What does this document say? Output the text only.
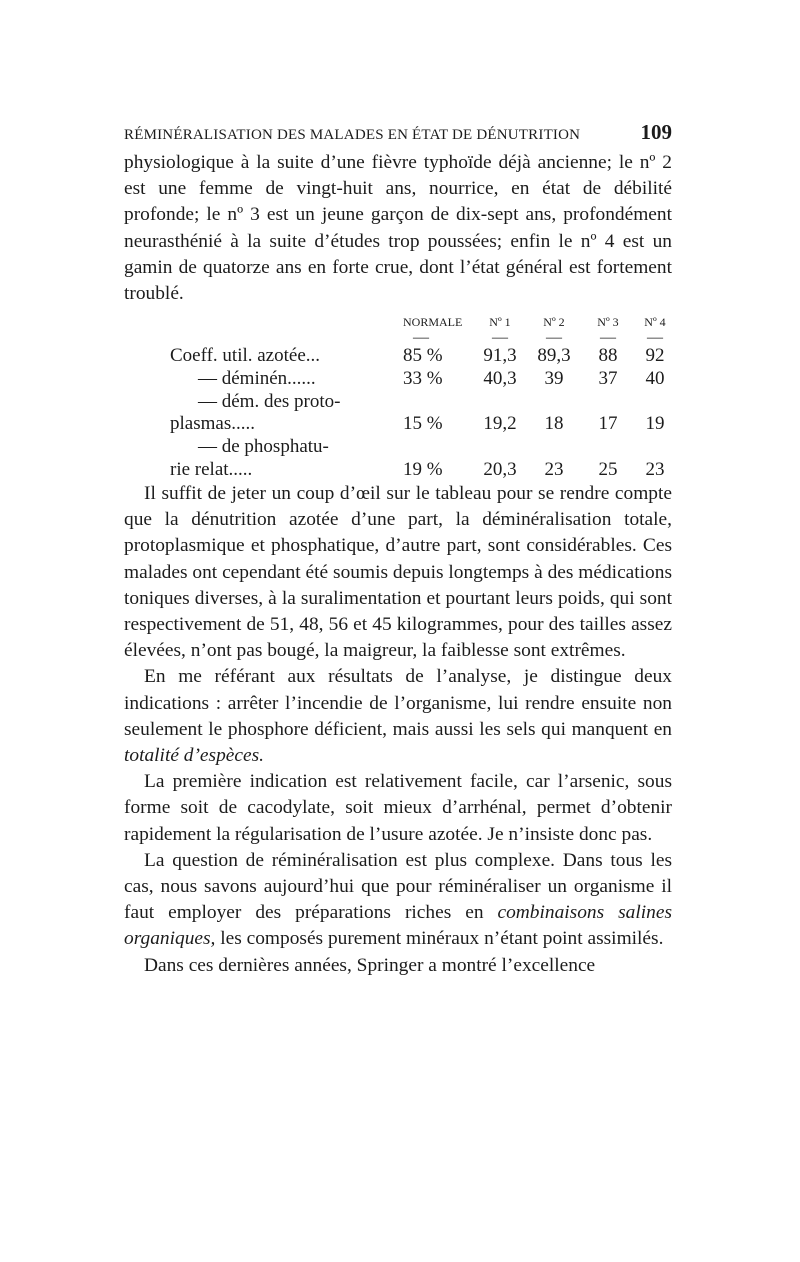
RÉMINÉRALISATION DES MALADES EN ÉTAT DE DÉNUTRITION	109

physiologique à la suite d’une fièvre typhoïde déjà ancienne; le nº 2 est une femme de vingt-huit ans, nourrice, en état de débilité profonde; le nº 3 est un jeune garçon de dix-sept ans, profondément neurasthénié à la suite d’études trop poussées; enfin le nº 4 est un gamin de quatorze ans en forte crue, dont l’état général est fortement troublé.

	NORMALE	Nº 1	Nº 2	Nº 3	Nº 4
	—	—	—	—	—
Coeff. util. azotée...	85 %	91,3	89,3	88	92
— déminén......	33 %	40,3	39	37	40
— dém. des proto-					
plasmas.....	15 %	19,2	18	17	19
— de phosphatu-					
rie relat.....	19 %	20,3	23	25	23

Il suffit de jeter un coup d’œil sur le tableau pour se rendre compte que la dénutrition azotée d’une part, la déminéralisation totale, protoplasmique et phosphatique, d’autre part, sont considérables. Ces malades ont cependant été soumis depuis longtemps à des médications toniques diverses, à la suralimentation et pourtant leurs poids, qui sont respectivement de 51, 48, 56 et 45 kilogrammes, pour des tailles assez élevées, n’ont pas bougé, la maigreur, la faiblesse sont extrêmes.

En me référant aux résultats de l’analyse, je distingue deux indications : arrêter l’incendie de l’organisme, lui rendre ensuite non seulement le phosphore déficient, mais aussi les sels qui manquent en totalité d’espèces.

La première indication est relativement facile, car l’arsenic, sous forme soit de cacodylate, soit mieux d’arrhénal, permet d’obtenir rapidement la régularisation de l’usure azotée. Je n’insiste donc pas.

La question de réminéralisation est plus complexe. Dans tous les cas, nous savons aujourd’hui que pour réminéraliser un organisme il faut employer des préparations riches en combinaisons salines organiques, les composés purement minéraux n’étant point assimilés.

Dans ces dernières années, Springer a montré l’excellence
